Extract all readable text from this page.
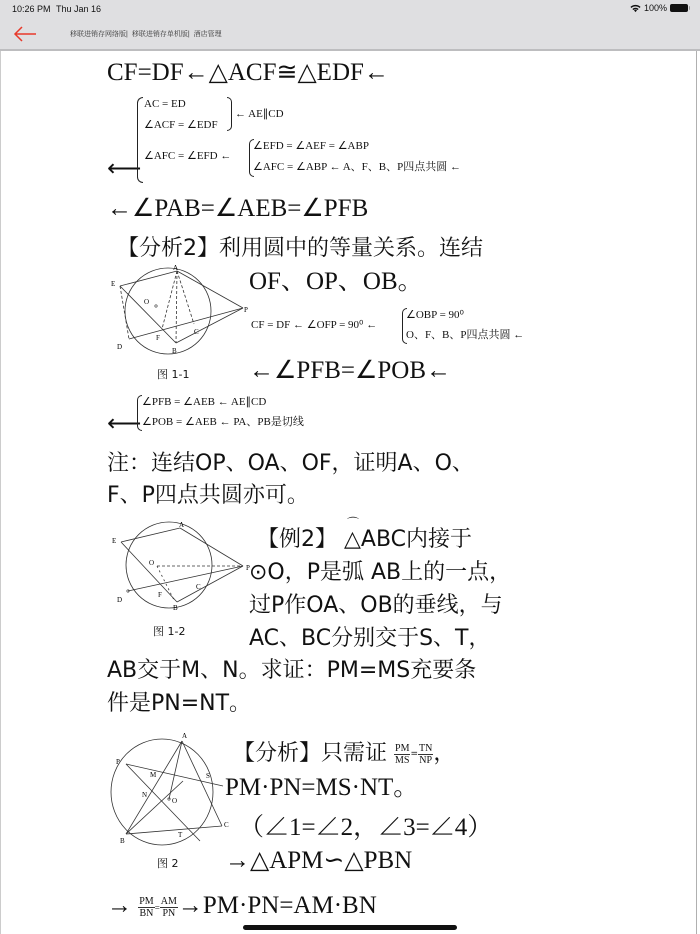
10:26 PM Thu Jan 16	100%
移联进销存网络版| 移联进销存单机版| 酒店管理
CF=DF←△ACF≅△EDF←
⟵
AC = ED
∠ACF = ∠EDF
← AE∥CD
∠AFC = ∠EFD ←
∠EFD = ∠AEF = ∠ABP
∠AFC = ∠ABP ← A、F、B、P四点共圆 ←
←∠PAB=∠AEB=∠PFB
【分析2】利用圆中的等量关系。连结
OF、OP、OB。
A
E
O
P
C
F
D	B
图 1-1
CF = DF ← ∠OFP = 90⁰ ←
∠OBP = 90⁰
O、F、B、P四点共圆 ←
←∠PFB=∠POB←
⟵
∠PFB = ∠AEB ← AE∥CD
∠POB = ∠AEB ← PA、PB是切线
注：连结OP、OA、OF，证明A、O、
F、P四点共圆亦可。
A
E
O
P
C
F
D
B
图 1-2
⌒
【例2】 △ABC内接于
⊙O，P是弧 AB上的一点，
过P作OA、OB的垂线，与
AC、BC分别交于S、T，
AB交于M、N。求证：PM=MS充要条
件是PN=NT。
A
P
M	S
N
O
C
T
B
图 2
【分析】只需证 $\frac{PM}{MS} = \frac{TN}{NP}$ ，
PM·PN=MS·NT。
（∠1=∠2，∠3=∠4）
→△APM∽△PBN
→ $\frac{PM}{BN} = \frac{AM}{PN} \to PM\cdot PN=AM\cdot BN$
